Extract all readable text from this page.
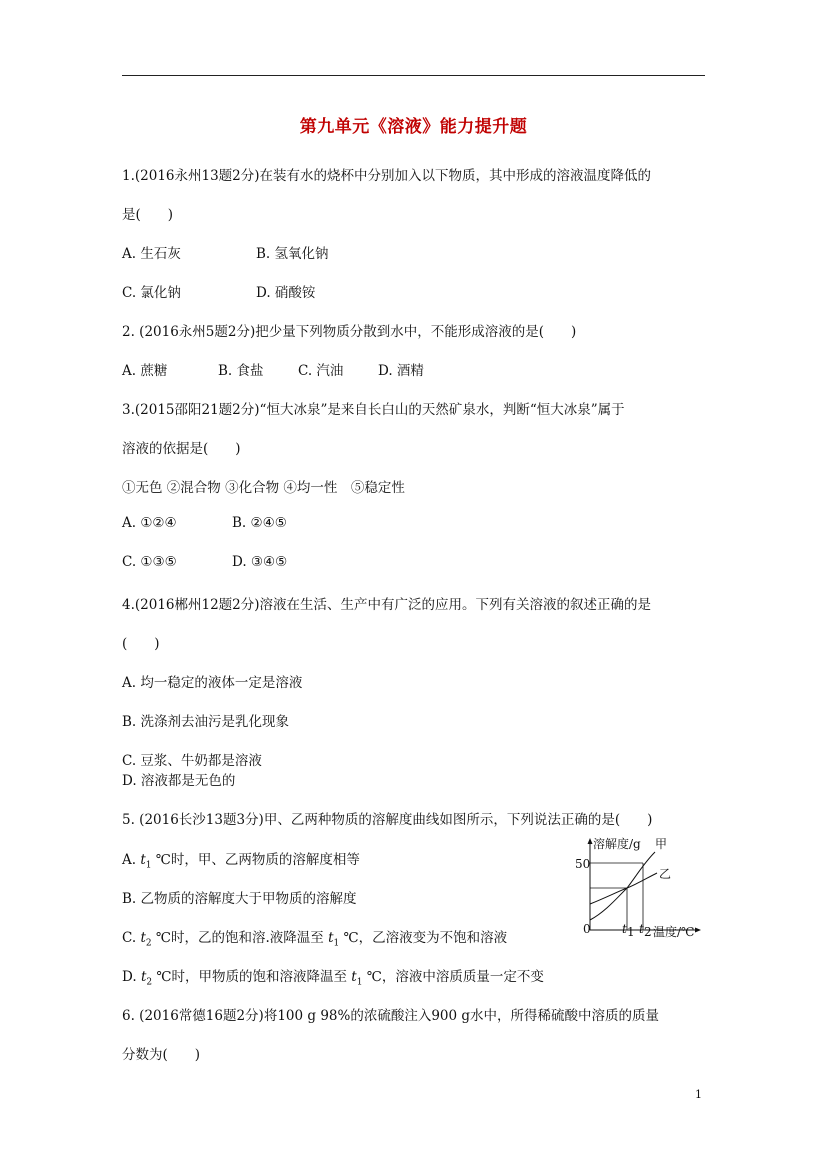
第九单元《溶液》能力提升题
1.(2016永州13题2分)在装有水的烧杯中分别加入以下物质，其中形成的溶液温度降低的
是(　　)
A. 生石灰	B. 氢氧化钠
C. 氯化钠	D. 硝酸铵
2. (2016永州5题2分)把少量下列物质分散到水中，不能形成溶液的是(　　)
A. 蔗糖	B. 食盐	C. 汽油	D. 酒精
3.(2015邵阳21题2分)“恒大冰泉”是来自长白山的天然矿泉水，判断“恒大冰泉”属于
溶液的依据是(　　)
①无色 ②混合物 ③化合物 ④均一性　⑤稳定性
A. ①②④	B. ②④⑤
C. ①③⑤	D. ③④⑤
4.(2016郴州12题2分)溶液在生活、生产中有广泛的应用。下列有关溶液的叙述正确的是
(　　)
A. 均一稳定的液体一定是溶液
B. 洗涤剂去油污是乳化现象
C. 豆浆、牛奶都是溶液
D. 溶液都是无色的
5. (2016长沙13题3分)甲、乙两种物质的溶解度曲线如图所示，下列说法正确的是(　　)
A. $t_1$ ℃时，甲、乙两物质的溶解度相等
B. 乙物质的溶解度大于甲物质的溶解度
C. $t_2$ ℃时，乙的饱和溶.液降温至 $t_1$ ℃，乙溶液变为不饱和溶液
D. $t_2$ ℃时，甲物质的饱和溶液降温至 $t_1$ ℃，溶液中溶质质量一定不变
溶解度/g 甲
乙
50
0	t 1 t 2 温度/℃
6. (2016常德16题2分)将100 g 98%的浓硫酸注入900 g水中，所得稀硫酸中溶质的质量
分数为(　　)
1
